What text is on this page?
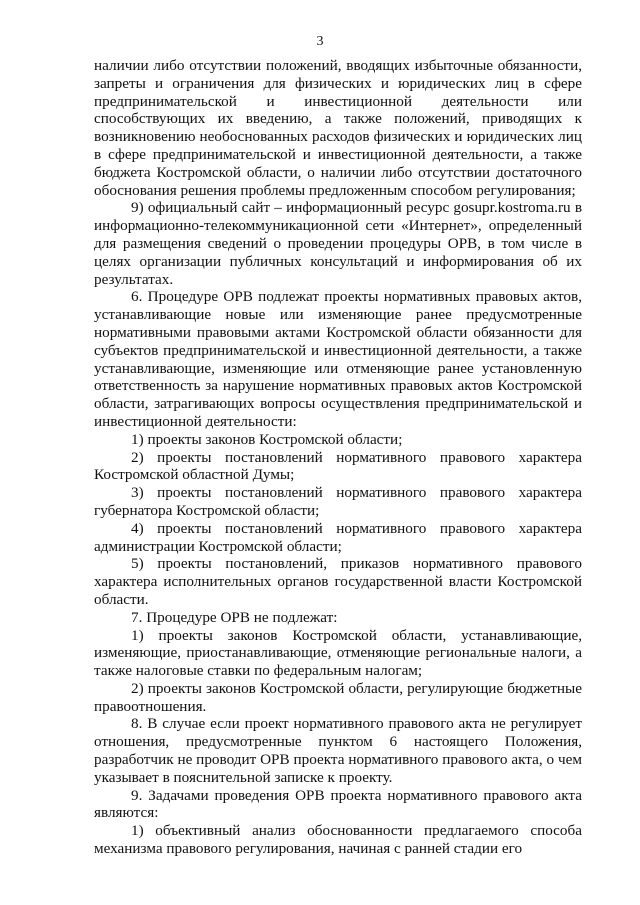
3

наличии либо отсутствии положений, вводящих избыточные обязанности, запреты и ограничения для физических и юридических лиц в сфере предпринимательской и инвестиционной деятельности или способствующих их введению, а также положений, приводящих к возникновению необоснованных расходов физических и юридических лиц в сфере предпринимательской и инвестиционной деятельности, а также бюджета Костромской области, о наличии либо отсутствии достаточного обоснования решения проблемы предложенным способом регулирования;

9) официальный сайт – информационный ресурс gosupr.kostroma.ru в информационно-телекоммуникационной сети «Интернет», определенный для размещения сведений о проведении процедуры ОРВ, в том числе в целях организации публичных консультаций и информирования об их результатах.

6. Процедуре ОРВ подлежат проекты нормативных правовых актов, устанавливающие новые или изменяющие ранее предусмотренные нормативными правовыми актами Костромской области обязанности для субъектов предпринимательской и инвестиционной деятельности, а также устанавливающие, изменяющие или отменяющие ранее установленную ответственность за нарушение нормативных правовых актов Костромской области, затрагивающих вопросы осуществления предпринимательской и инвестиционной деятельности:

1) проекты законов Костромской области;

2) проекты постановлений нормативного правового характера Костромской областной Думы;

3) проекты постановлений нормативного правового характера губернатора Костромской области;

4) проекты постановлений нормативного правового характера администрации Костромской области;

5) проекты постановлений, приказов нормативного правового характера исполнительных органов государственной власти Костромской области.

7. Процедуре ОРВ не подлежат:

1) проекты законов Костромской области, устанавливающие, изменяющие, приостанавливающие, отменяющие региональные налоги, а также налоговые ставки по федеральным налогам;

2) проекты законов Костромской области, регулирующие бюджетные правоотношения.

8. В случае если проект нормативного правового акта не регулирует отношения, предусмотренные пунктом 6 настоящего Положения, разработчик не проводит ОРВ проекта нормативного правового акта, о чем указывает в пояснительной записке к проекту.

9. Задачами проведения ОРВ проекта нормативного правового акта являются:

1) объективный анализ обоснованности предлагаемого способа механизма правового регулирования, начиная с ранней стадии его
